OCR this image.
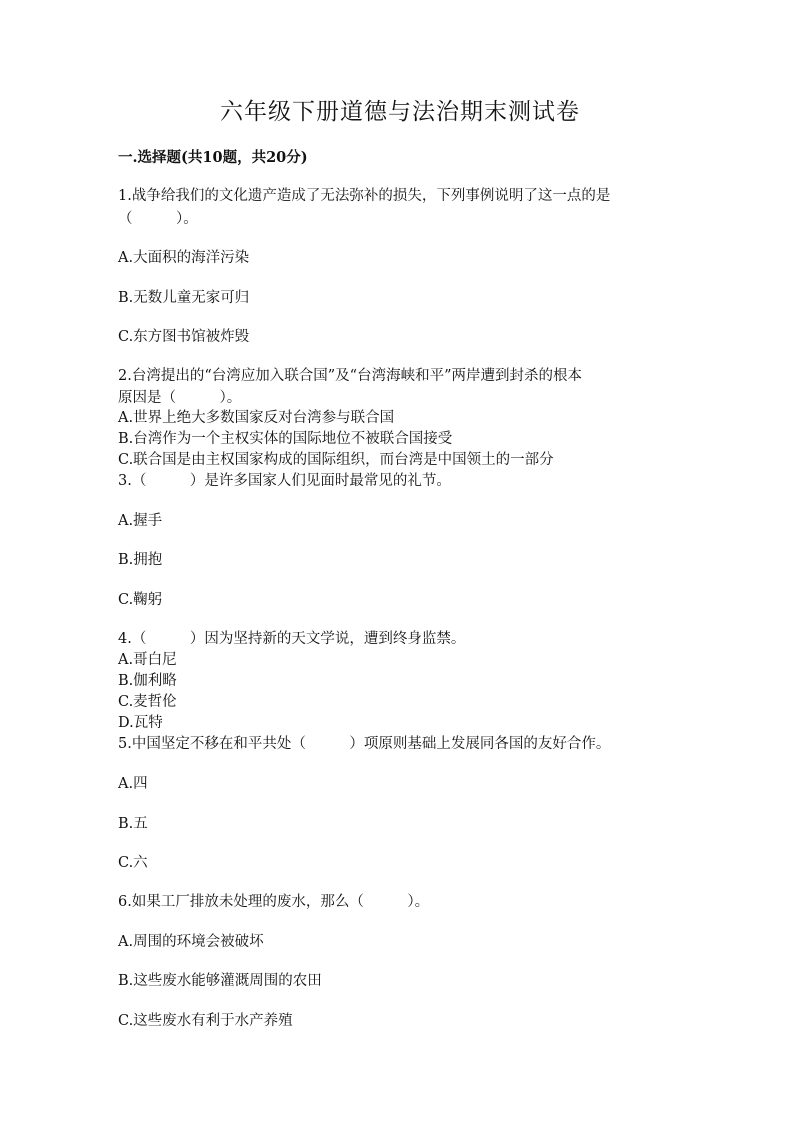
六年级下册道德与法治期末测试卷
一.选择题(共10题，共20分)
1.战争给我们的文化遗产造成了无法弥补的损失，下列事例说明了这一点的是
（　　　）。
A.大面积的海洋污染
B.无数儿童无家可归
C.东方图书馆被炸毁
2.台湾提出的“台湾应加入联合国”及“台湾海峡和平”两岸遭到封杀的根本
原因是（　　　）。
A.世界上绝大多数国家反对台湾参与联合国
B.台湾作为一个主权实体的国际地位不被联合国接受
C.联合国是由主权国家构成的国际组织，而台湾是中国领土的一部分
3.（　　　）是许多国家人们见面时最常见的礼节。
A.握手
B.拥抱
C.鞠躬
4.（　　　）因为坚持新的天文学说，遭到终身监禁。
A.哥白尼
B.伽利略
C.麦哲伦
D.瓦特
5.中国坚定不移在和平共处（　　　）项原则基础上发展同各国的友好合作。
A.四
B.五
C.六
6.如果工厂排放未处理的废水，那么（　　　）。
A.周围的环境会被破坏
B.这些废水能够灌溉周围的农田
C.这些废水有利于水产养殖
